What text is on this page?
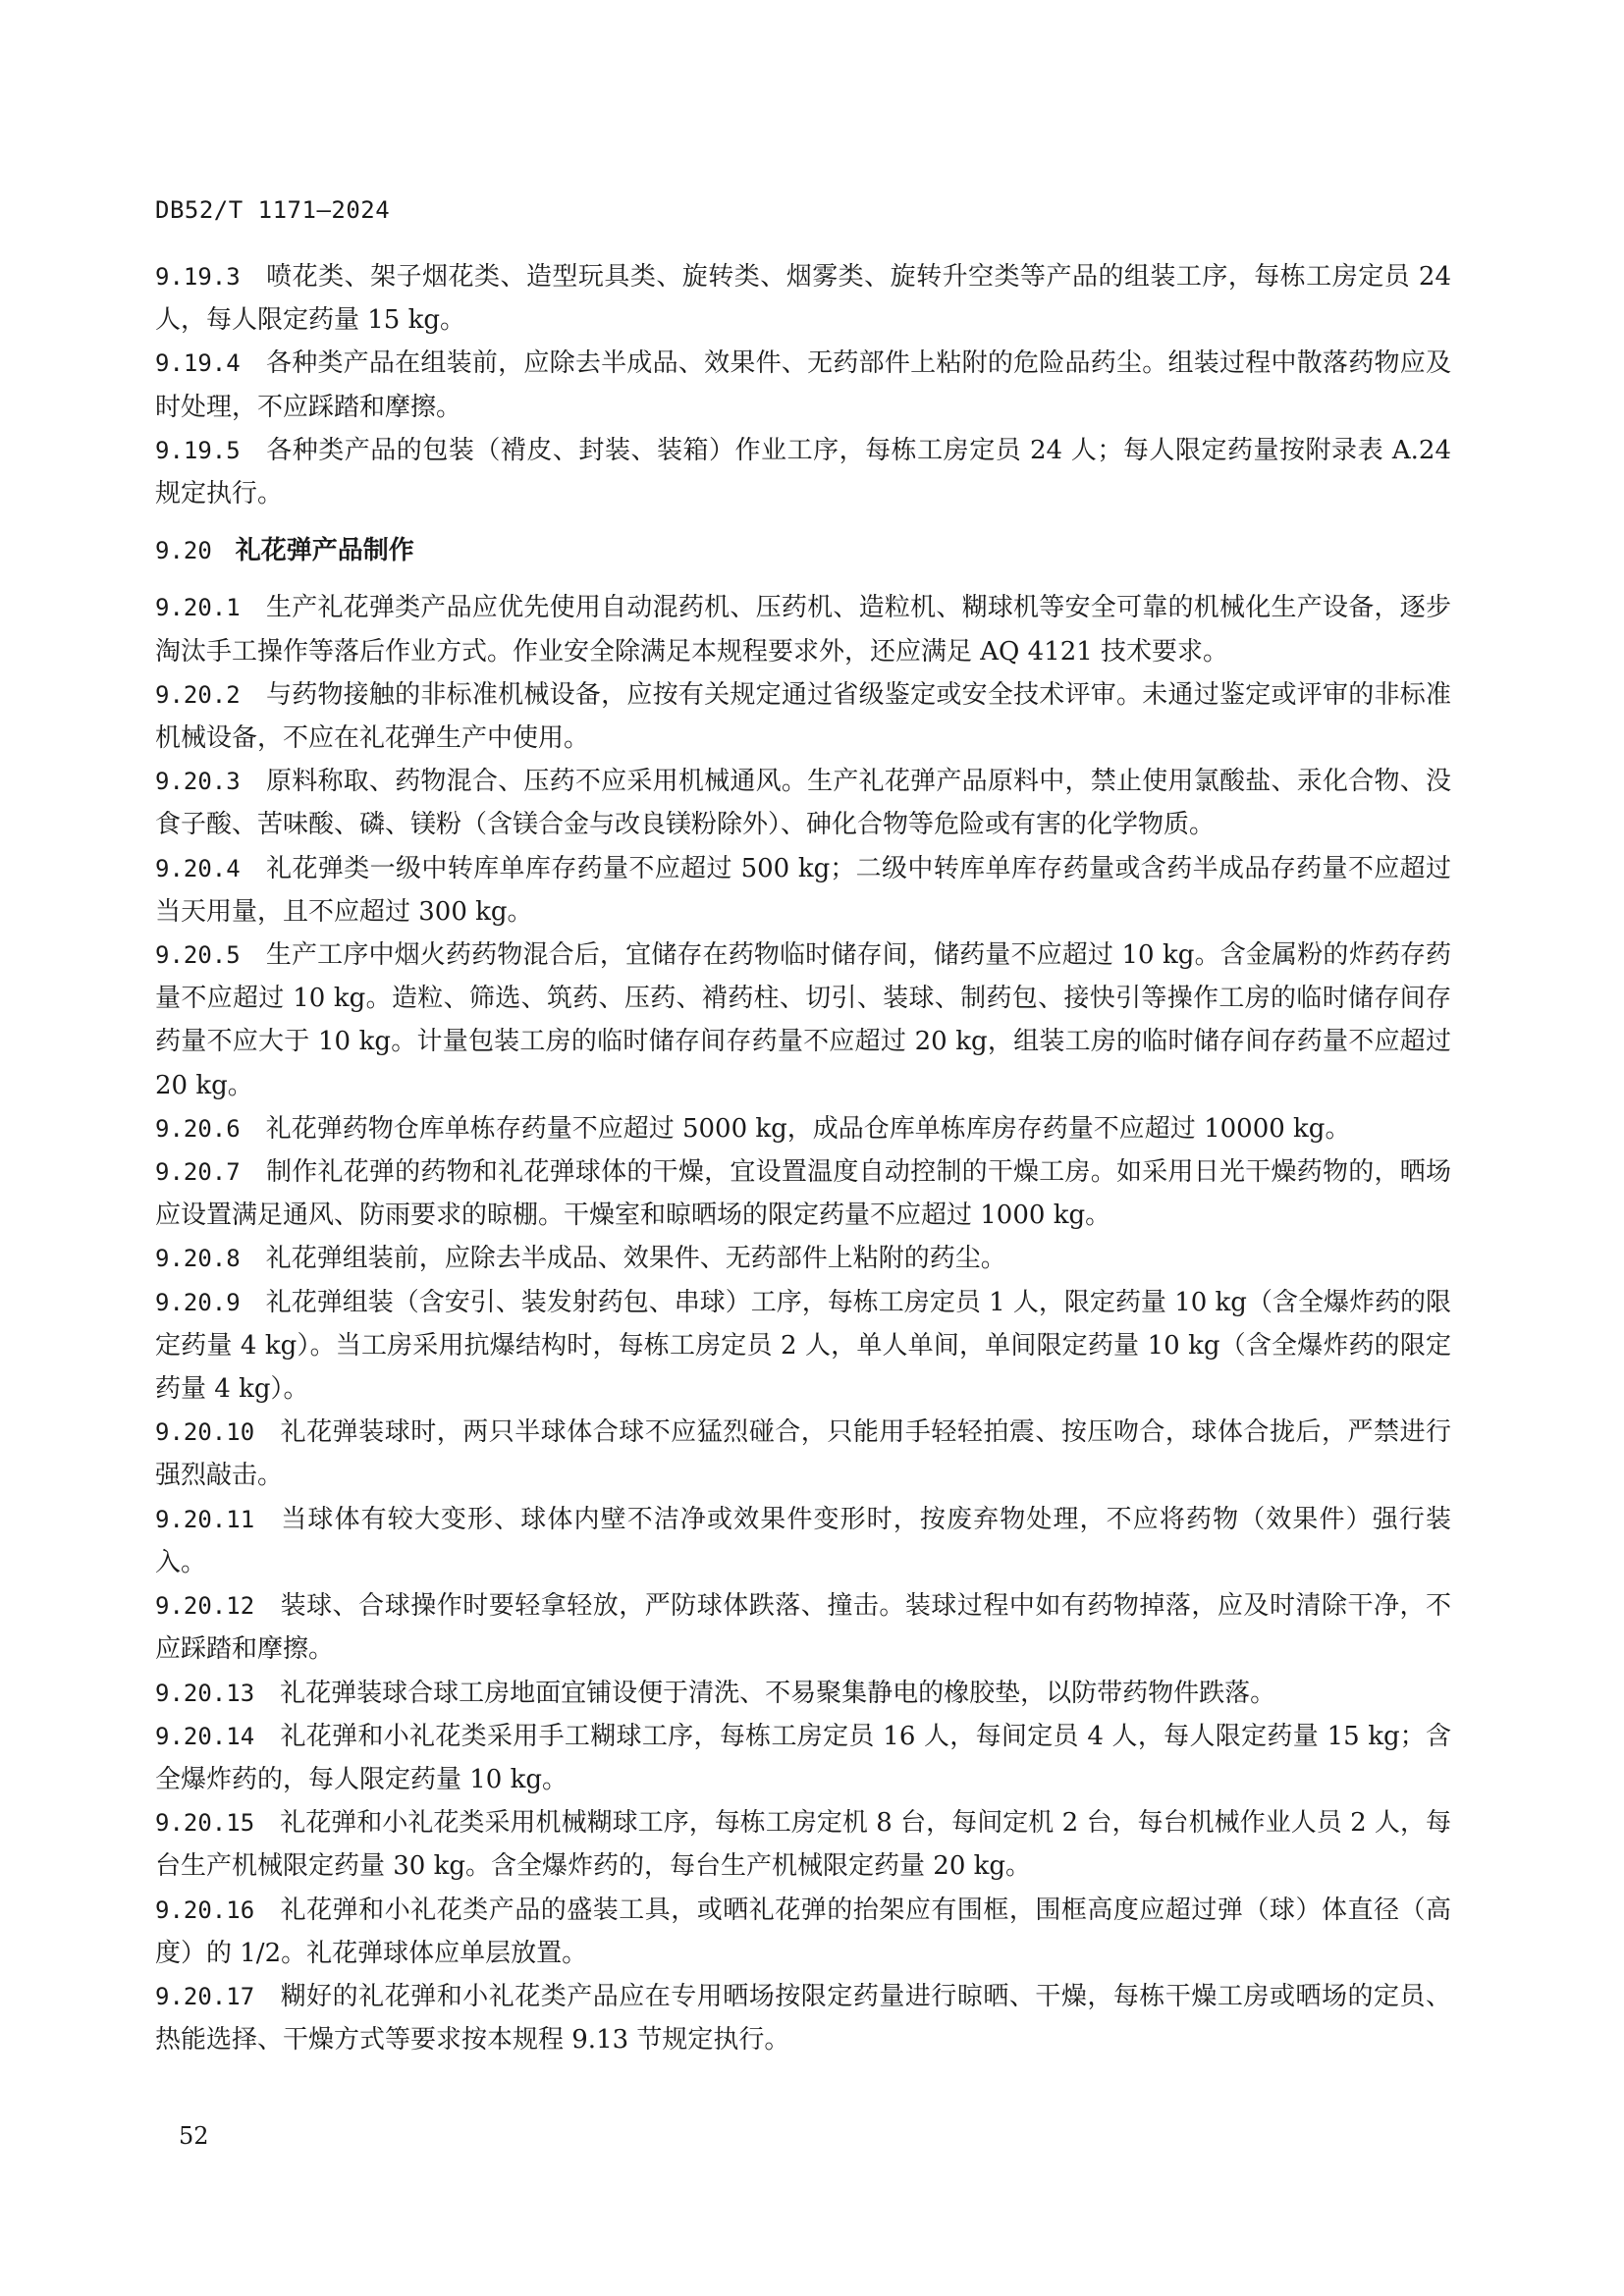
DB52/T 1171—2024

9.19.3 喷花类、架子烟花类、造型玩具类、旋转类、烟雾类、旋转升空类等产品的组装工序，每栋工房定员 24 人，每人限定药量 15 kg。

9.19.4 各种类产品在组装前，应除去半成品、效果件、无药部件上粘附的危险品药尘。组装过程中散落药物应及时处理，不应踩踏和摩擦。

9.19.5 各种类产品的包装（褙皮、封装、装箱）作业工序，每栋工房定员 24 人；每人限定药量按附录表 A.24 规定执行。

9.20 礼花弹产品制作

9.20.1 生产礼花弹类产品应优先使用自动混药机、压药机、造粒机、糊球机等安全可靠的机械化生产设备，逐步淘汰手工操作等落后作业方式。作业安全除满足本规程要求外，还应满足 AQ 4121 技术要求。

9.20.2 与药物接触的非标准机械设备，应按有关规定通过省级鉴定或安全技术评审。未通过鉴定或评审的非标准机械设备，不应在礼花弹生产中使用。

9.20.3 原料称取、药物混合、压药不应采用机械通风。生产礼花弹产品原料中，禁止使用氯酸盐、汞化合物、没食子酸、苦味酸、磷、镁粉（含镁合金与改良镁粉除外）、砷化合物等危险或有害的化学物质。

9.20.4 礼花弹类一级中转库单库存药量不应超过 500 kg；二级中转库单库存药量或含药半成品存药量不应超过当天用量，且不应超过 300 kg。

9.20.5 生产工序中烟火药药物混合后，宜储存在药物临时储存间，储药量不应超过 10 kg。含金属粉的炸药存药量不应超过 10 kg。造粒、筛选、筑药、压药、褙药柱、切引、装球、制药包、接快引等操作工房的临时储存间存药量不应大于 10 kg。计量包装工房的临时储存间存药量不应超过 20 kg，组装工房的临时储存间存药量不应超过 20 kg。

9.20.6 礼花弹药物仓库单栋存药量不应超过 5000 kg，成品仓库单栋库房存药量不应超过 10000 kg。

9.20.7 制作礼花弹的药物和礼花弹球体的干燥，宜设置温度自动控制的干燥工房。如采用日光干燥药物的，晒场应设置满足通风、防雨要求的晾棚。干燥室和晾晒场的限定药量不应超过 1000 kg。

9.20.8 礼花弹组装前，应除去半成品、效果件、无药部件上粘附的药尘。

9.20.9 礼花弹组装（含安引、装发射药包、串球）工序，每栋工房定员 1 人，限定药量 10 kg（含全爆炸药的限定药量 4 kg）。当工房采用抗爆结构时，每栋工房定员 2 人，单人单间，单间限定药量 10 kg（含全爆炸药的限定药量 4 kg）。

9.20.10 礼花弹装球时，两只半球体合球不应猛烈碰合，只能用手轻轻拍震、按压吻合，球体合拢后，严禁进行强烈敲击。

9.20.11 当球体有较大变形、球体内壁不洁净或效果件变形时，按废弃物处理，不应将药物（效果件）强行装入。

9.20.12 装球、合球操作时要轻拿轻放，严防球体跌落、撞击。装球过程中如有药物掉落，应及时清除干净，不应踩踏和摩擦。

9.20.13 礼花弹装球合球工房地面宜铺设便于清洗、不易聚集静电的橡胶垫，以防带药物件跌落。

9.20.14 礼花弹和小礼花类采用手工糊球工序，每栋工房定员 16 人，每间定员 4 人，每人限定药量 15 kg；含全爆炸药的，每人限定药量 10 kg。

9.20.15 礼花弹和小礼花类采用机械糊球工序，每栋工房定机 8 台，每间定机 2 台，每台机械作业人员 2 人，每台生产机械限定药量 30 kg。含全爆炸药的，每台生产机械限定药量 20 kg。

9.20.16 礼花弹和小礼花类产品的盛装工具，或晒礼花弹的抬架应有围框，围框高度应超过弹（球）体直径（高度）的 1/2。礼花弹球体应单层放置。

9.20.17 糊好的礼花弹和小礼花类产品应在专用晒场按限定药量进行晾晒、干燥，每栋干燥工房或晒场的定员、热能选择、干燥方式等要求按本规程 9.13 节规定执行。

52
